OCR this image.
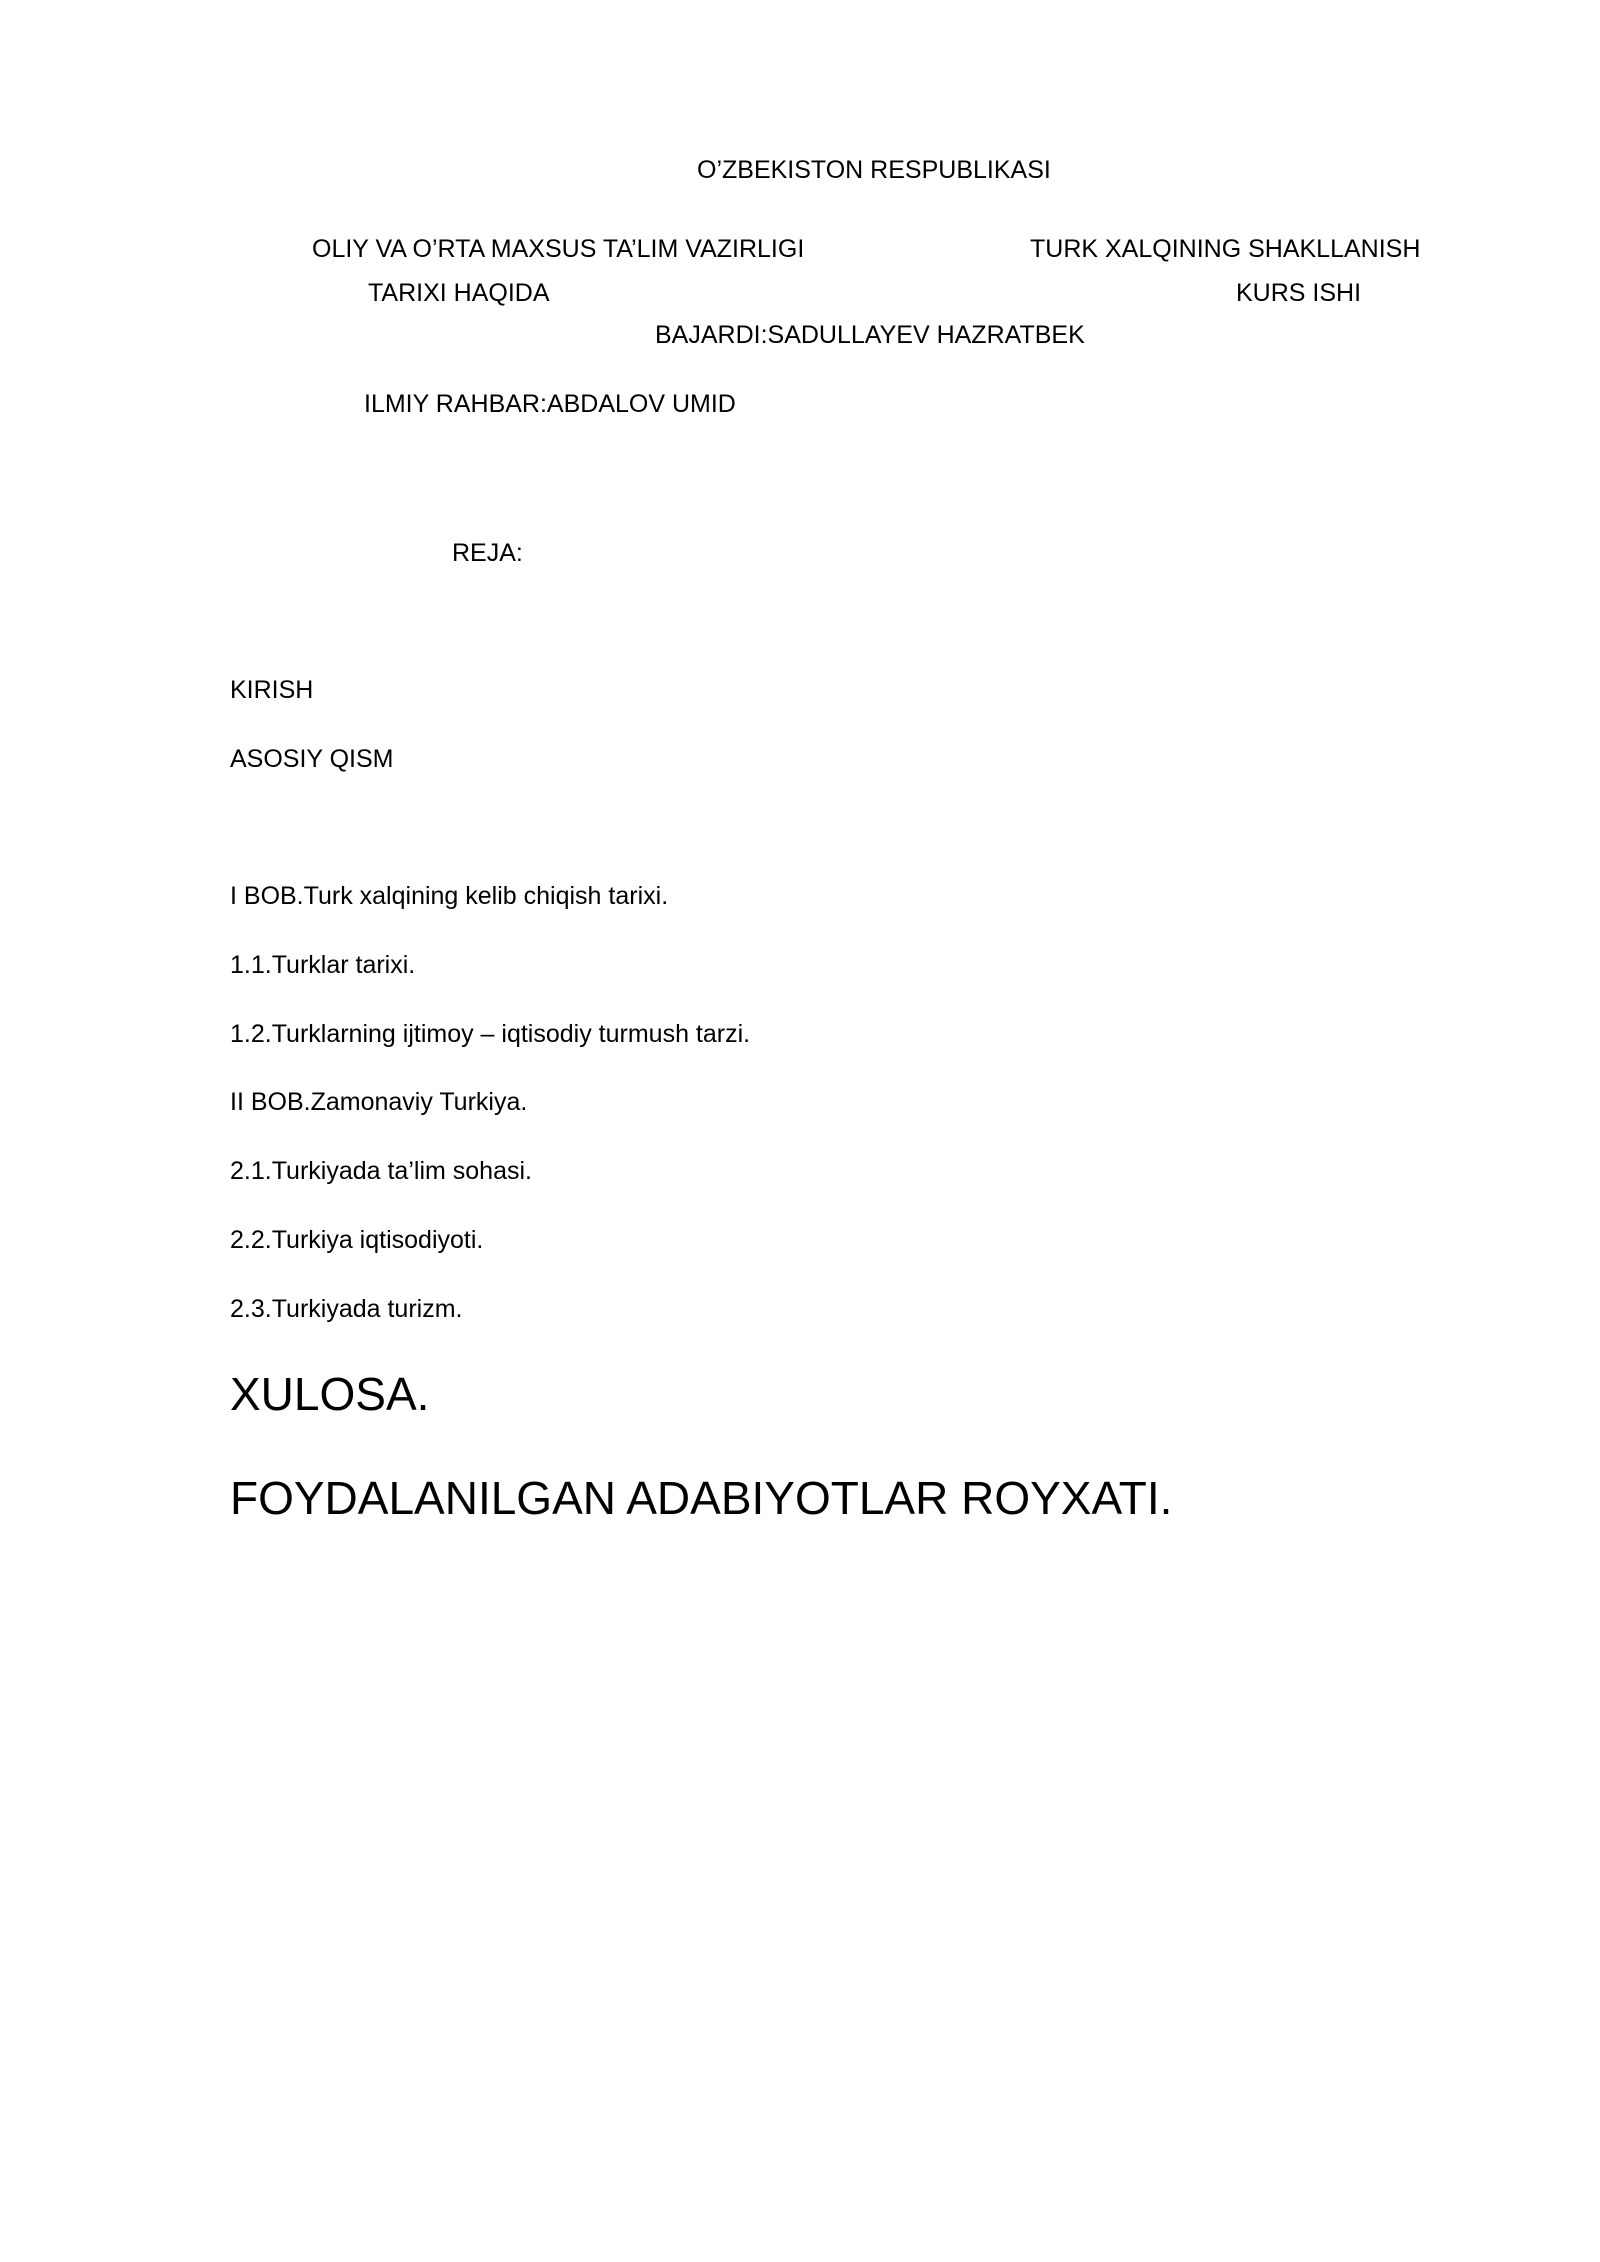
O’ZBEKISTON RESPUBLIKASI
OLIY VA O’RTA MAXSUS TA’LIM VAZIRLIGI	TURK XALQINING SHAKLLANISH
TARIXI HAQIDA	KURS ISHI
BAJARDI:SADULLAYEV HAZRATBEK
ILMIY RAHBAR:ABDALOV UMID
REJA:
KIRISH
ASOSIY QISM
I BOB.Turk xalqining kelib chiqish tarixi.
1.1.Turklar tarixi.
1.2.Turklarning ijtimoy – iqtisodiy turmush tarzi.
II BOB.Zamonaviy Turkiya.
2.1.Turkiyada ta’lim sohasi.
2.2.Turkiya iqtisodiyoti.
2.3.Turkiyada turizm.
XULOSA.
FOYDALANILGAN ADABIYOTLAR ROYXATI.
